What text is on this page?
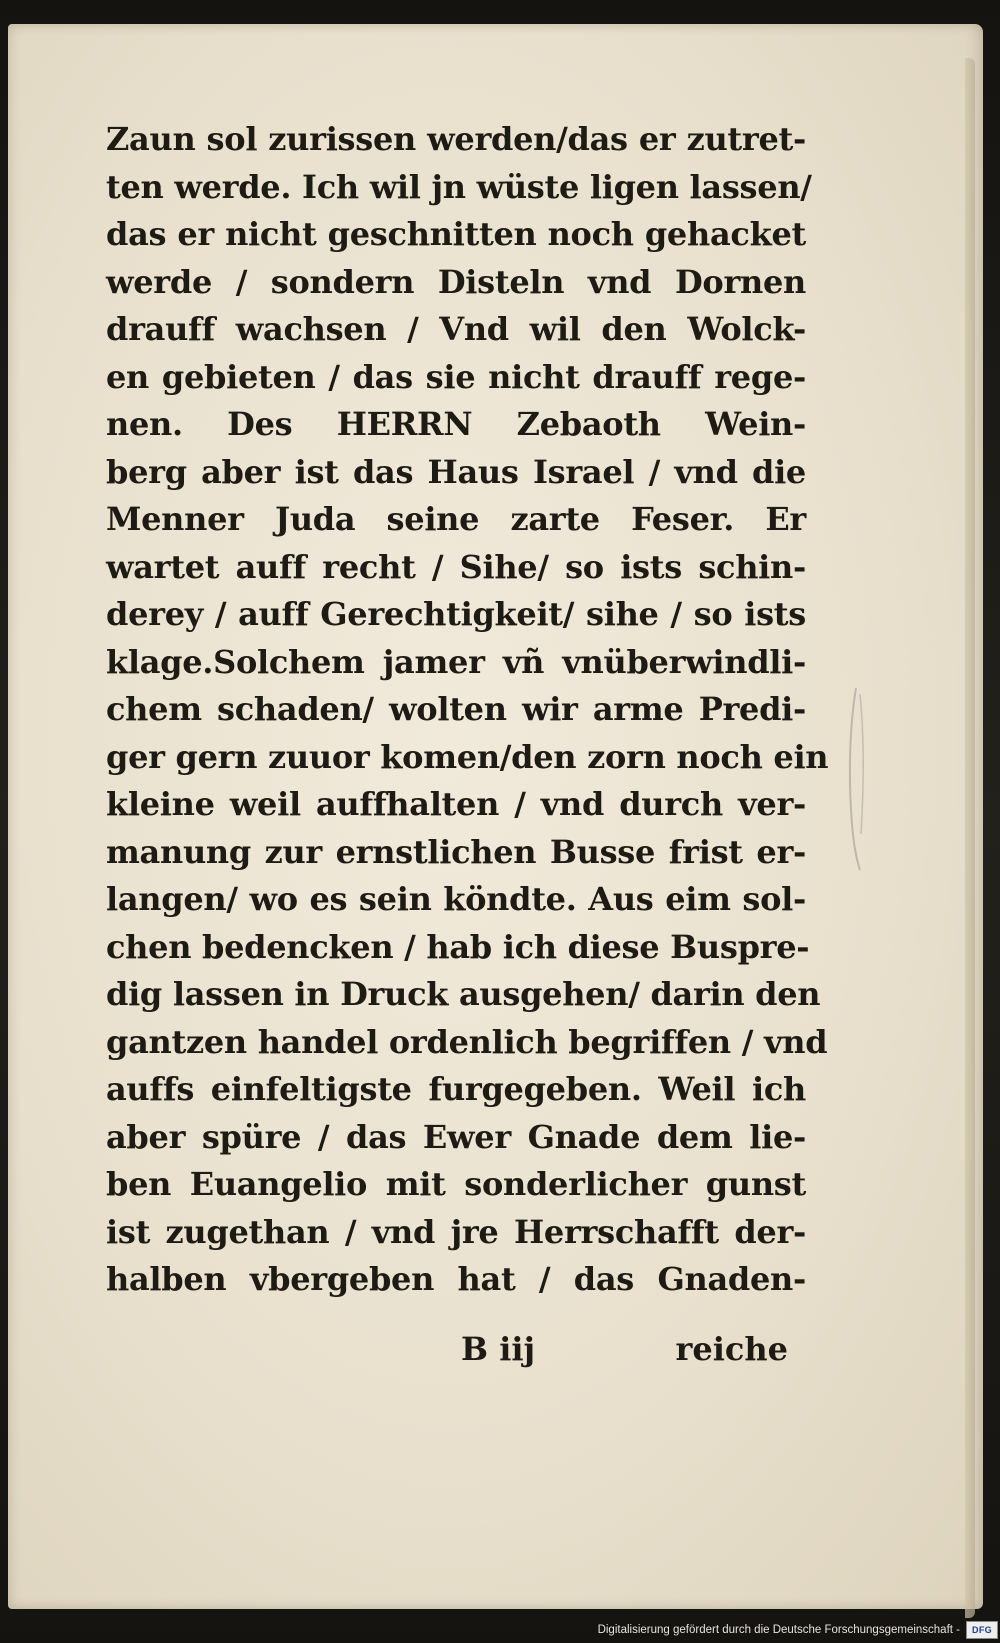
Zaun sol zurissen werden/das er zutret-
ten werde. Ich wil jn wüste ligen lassen/
das er nicht geschnitten noch gehacket
werde / sondern Disteln vnd Dornen
drauff wachsen / Vnd wil den Wolck-
en gebieten / das sie nicht drauff rege-
nen. Des HERRN Zebaoth Wein-
berg aber ist das Haus Israel / vnd die
Menner Juda seine zarte Feser. Er
wartet auff recht / Sihe/ so ists schin-
derey / auff Gerechtigkeit/ sihe / so ists
klage.Solchem jamer vñ vnüberwindli-
chem schaden/ wolten wir arme Predi-
ger gern zuuor komen/den zorn noch ein
kleine weil auffhalten / vnd durch ver-
manung zur ernstlichen Busse frist er-
langen/ wo es sein köndte. Aus eim sol-
chen bedencken / hab ich diese Buspre-
dig lassen in Druck ausgehen/ darin den
gantzen handel ordenlich begriffen / vnd
auffs einfeltigste furgegeben. Weil ich
aber spüre / das Ewer Gnade dem lie-
ben Euangelio mit sonderlicher gunst
ist zugethan / vnd jre Herrschafft der-
halben vbergeben hat / das Gnaden-
B iij	reiche
Digitalisierung gefördert durch die Deutsche Forschungsgemeinschaft - DFG
